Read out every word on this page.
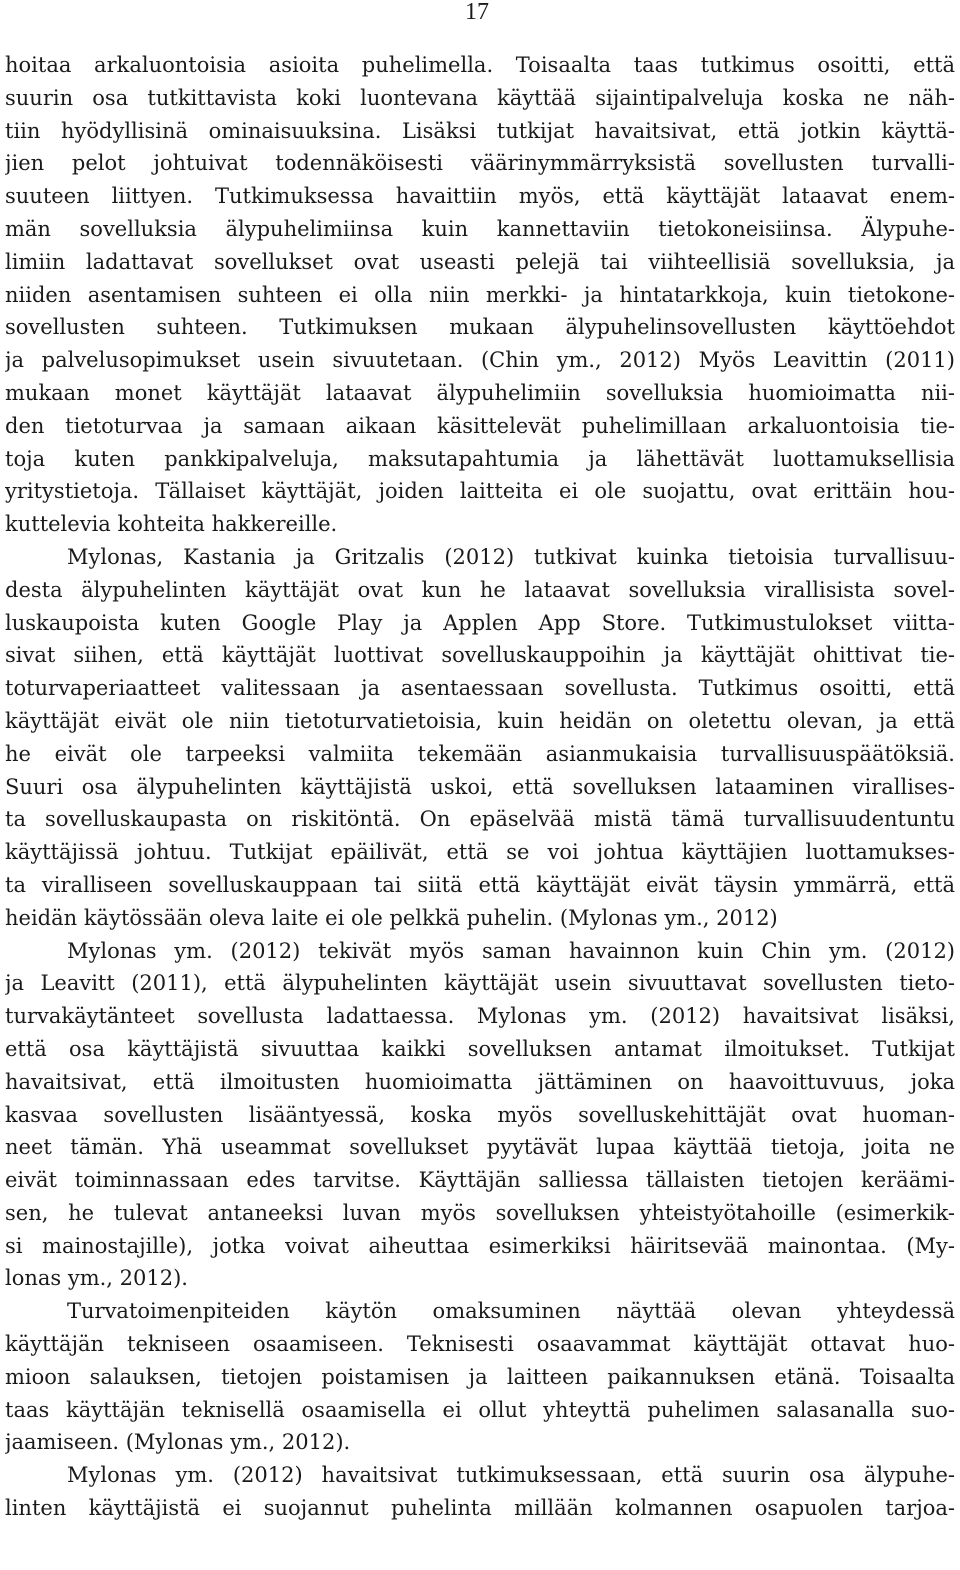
17

hoitaa arkaluontoisia asioita puhelimella. Toisaalta taas tutkimus osoitti, että

suurin osa tutkittavista koki luontevana käyttää sijaintipalveluja koska ne näh-

tiin hyödyllisinä ominaisuuksina. Lisäksi tutkijat havaitsivat, että jotkin käyttä-

jien pelot johtuivat todennäköisesti väärinymmärryksistä sovellusten turvalli-

suuteen liittyen. Tutkimuksessa havaittiin myös, että käyttäjät lataavat enem-

män sovelluksia älypuhelimiinsa kuin kannettaviin tietokoneisiinsa. Älypuhe-

limiin ladattavat sovellukset ovat useasti pelejä tai viihteellisiä sovelluksia, ja

niiden asentamisen suhteen ei olla niin merkki- ja hintatarkkoja, kuin tietokone-

sovellusten suhteen. Tutkimuksen mukaan älypuhelinsovellusten käyttöehdot

ja palvelusopimukset usein sivuutetaan. (Chin ym., 2012) Myös Leavittin (2011)

mukaan monet käyttäjät lataavat älypuhelimiin sovelluksia huomioimatta nii-

den tietoturvaa ja samaan aikaan käsittelevät puhelimillaan arkaluontoisia tie-

toja kuten pankkipalveluja, maksutapahtumia ja lähettävät luottamuksellisia

yritystietoja. Tällaiset käyttäjät, joiden laitteita ei ole suojattu, ovat erittäin hou-

kuttelevia kohteita hakkereille.

Mylonas, Kastania ja Gritzalis (2012) tutkivat kuinka tietoisia turvallisuu-

desta älypuhelinten käyttäjät ovat kun he lataavat sovelluksia virallisista sovel-

luskaupoista kuten Google Play ja Applen App Store. Tutkimustulokset viitta-

sivat siihen, että käyttäjät luottivat sovelluskauppoihin ja käyttäjät ohittivat tie-

toturvaperiaatteet valitessaan ja asentaessaan sovellusta. Tutkimus osoitti, että

käyttäjät eivät ole niin tietoturvatietoisia, kuin heidän on oletettu olevan, ja että

he eivät ole tarpeeksi valmiita tekemään asianmukaisia turvallisuuspäätöksiä.

Suuri osa älypuhelinten käyttäjistä uskoi, että sovelluksen lataaminen virallises-

ta sovelluskaupasta on riskitöntä. On epäselvää mistä tämä turvallisuudentuntu

käyttäjissä johtuu. Tutkijat epäilivät, että se voi johtua käyttäjien luottamukses-

ta viralliseen sovelluskauppaan tai siitä että käyttäjät eivät täysin ymmärrä, että

heidän käytössään oleva laite ei ole pelkkä puhelin. (Mylonas ym., 2012)

Mylonas ym. (2012) tekivät myös saman havainnon kuin Chin ym. (2012)

ja Leavitt (2011), että älypuhelinten käyttäjät usein sivuuttavat sovellusten tieto-

turvakäytänteet sovellusta ladattaessa. Mylonas ym. (2012) havaitsivat lisäksi,

että osa käyttäjistä sivuuttaa kaikki sovelluksen antamat ilmoitukset. Tutkijat

havaitsivat, että ilmoitusten huomioimatta jättäminen on haavoittuvuus, joka

kasvaa sovellusten lisääntyessä, koska myös sovelluskehittäjät ovat huoman-

neet tämän. Yhä useammat sovellukset pyytävät lupaa käyttää tietoja, joita ne

eivät toiminnassaan edes tarvitse. Käyttäjän salliessa tällaisten tietojen keräämi-

sen, he tulevat antaneeksi luvan myös sovelluksen yhteistyötahoille (esimerkik-

si mainostajille), jotka voivat aiheuttaa esimerkiksi häiritsevää mainontaa. (My-

lonas ym., 2012).

Turvatoimenpiteiden käytön omaksuminen näyttää olevan yhteydessä

käyttäjän tekniseen osaamiseen. Teknisesti osaavammat käyttäjät ottavat huo-

mioon salauksen, tietojen poistamisen ja laitteen paikannuksen etänä. Toisaalta

taas käyttäjän teknisellä osaamisella ei ollut yhteyttä puhelimen salasanalla suo-

jaamiseen. (Mylonas ym., 2012).

Mylonas ym. (2012) havaitsivat tutkimuksessaan, että suurin osa älypuhe-

linten käyttäjistä ei suojannut puhelinta millään kolmannen osapuolen tarjoa-
